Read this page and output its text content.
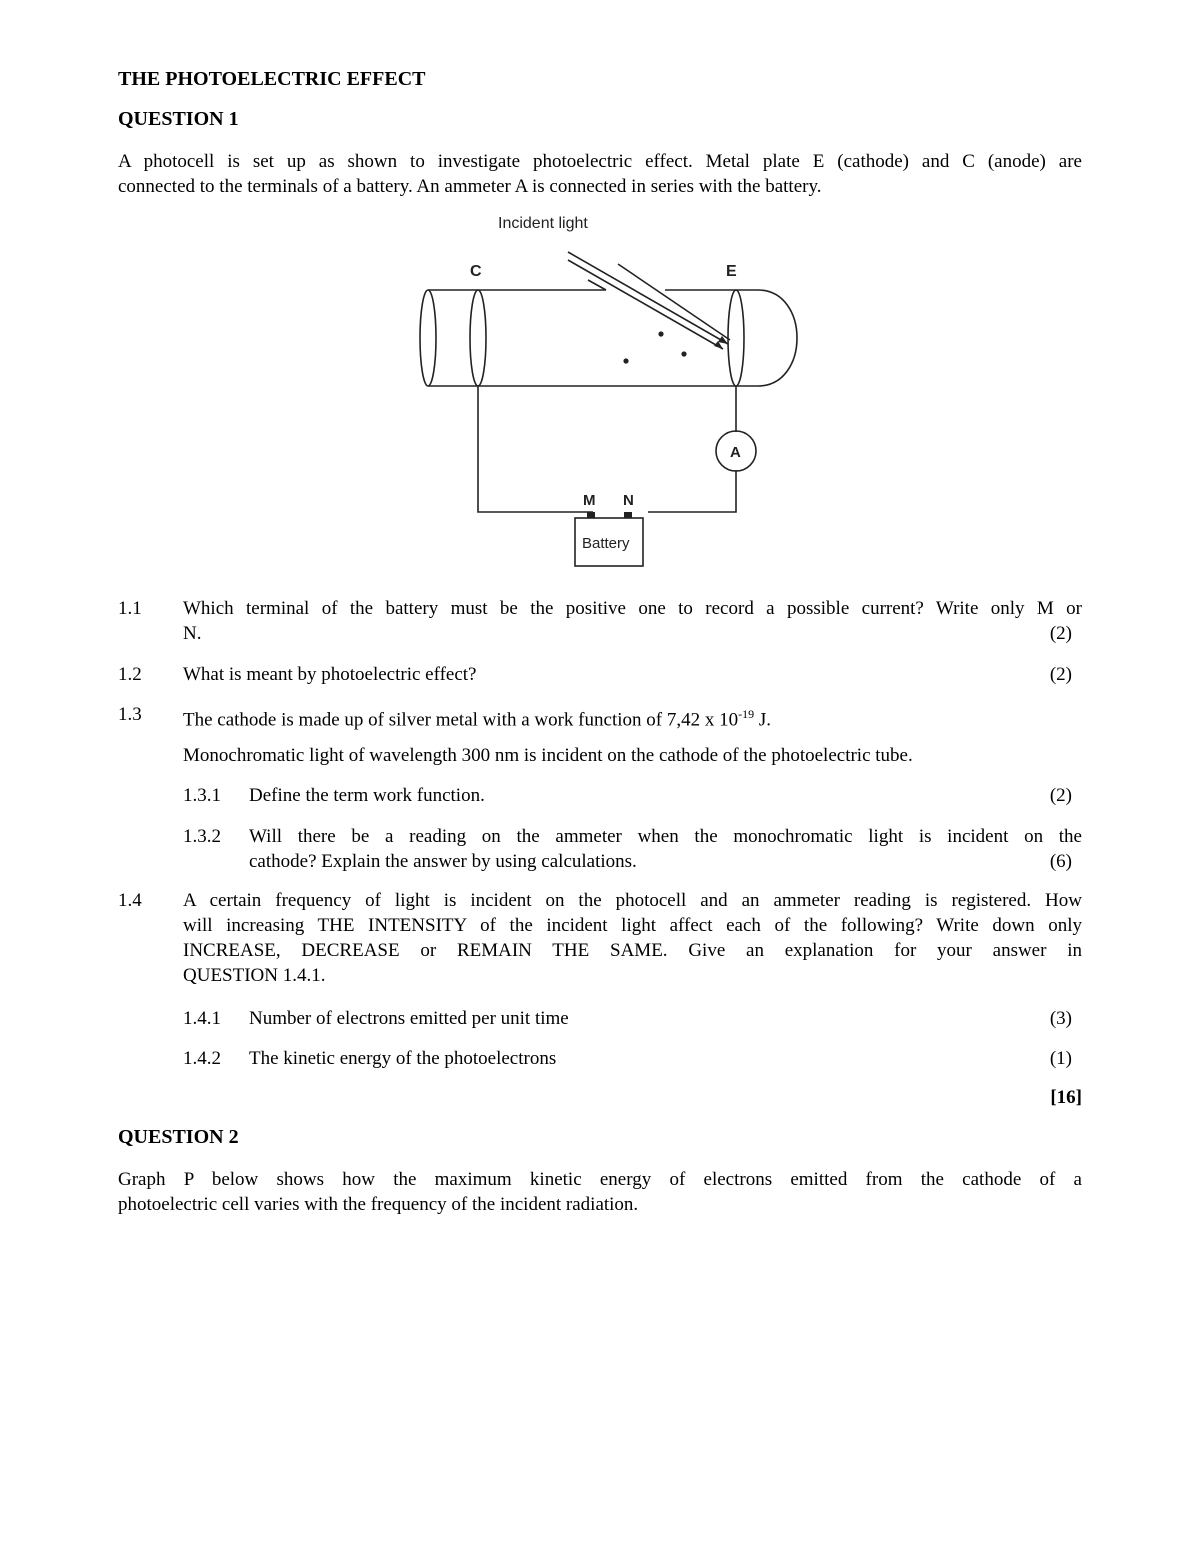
THE PHOTOELECTRIC EFFECT
QUESTION 1
A photocell is set up as shown to investigate photoelectric effect. Metal plate E (cathode) and C (anode) are
connected to the terminals of a battery. An ammeter A is connected in series with the battery.
Incident light
C	E
A
M N
Battery
1.1 Which terminal of the battery must be the positive one to record a possible current? Write only M or
N.	(2)
1.2 What is meant by photoelectric effect?	(2)
1.3 The cathode is made up of silver metal with a work function of 7,42 x $10^{-19}$ J.
Monochromatic light of wavelength 300 nm is incident on the cathode of the photoelectric tube.
1.3.1 Define the term work function.	(2)
1.3.2 Will there be a reading on the ammeter when the monochromatic light is incident on the
cathode? Explain the answer by using calculations.	(6)
1.4 A certain frequency of light is incident on the photocell and an ammeter reading is registered. How
will increasing THE INTENSITY of the incident light affect each of the following? Write down only
INCREASE, DECREASE or REMAIN THE SAME. Give an explanation for your answer in
QUESTION 1.4.1.
1.4.1 Number of electrons emitted per unit time	(3)
1.4.2 The kinetic energy of the photoelectrons	(1)
[16]
QUESTION 2
Graph P below shows how the maximum kinetic energy of electrons emitted from the cathode of a
photoelectric cell varies with the frequency of the incident radiation.
